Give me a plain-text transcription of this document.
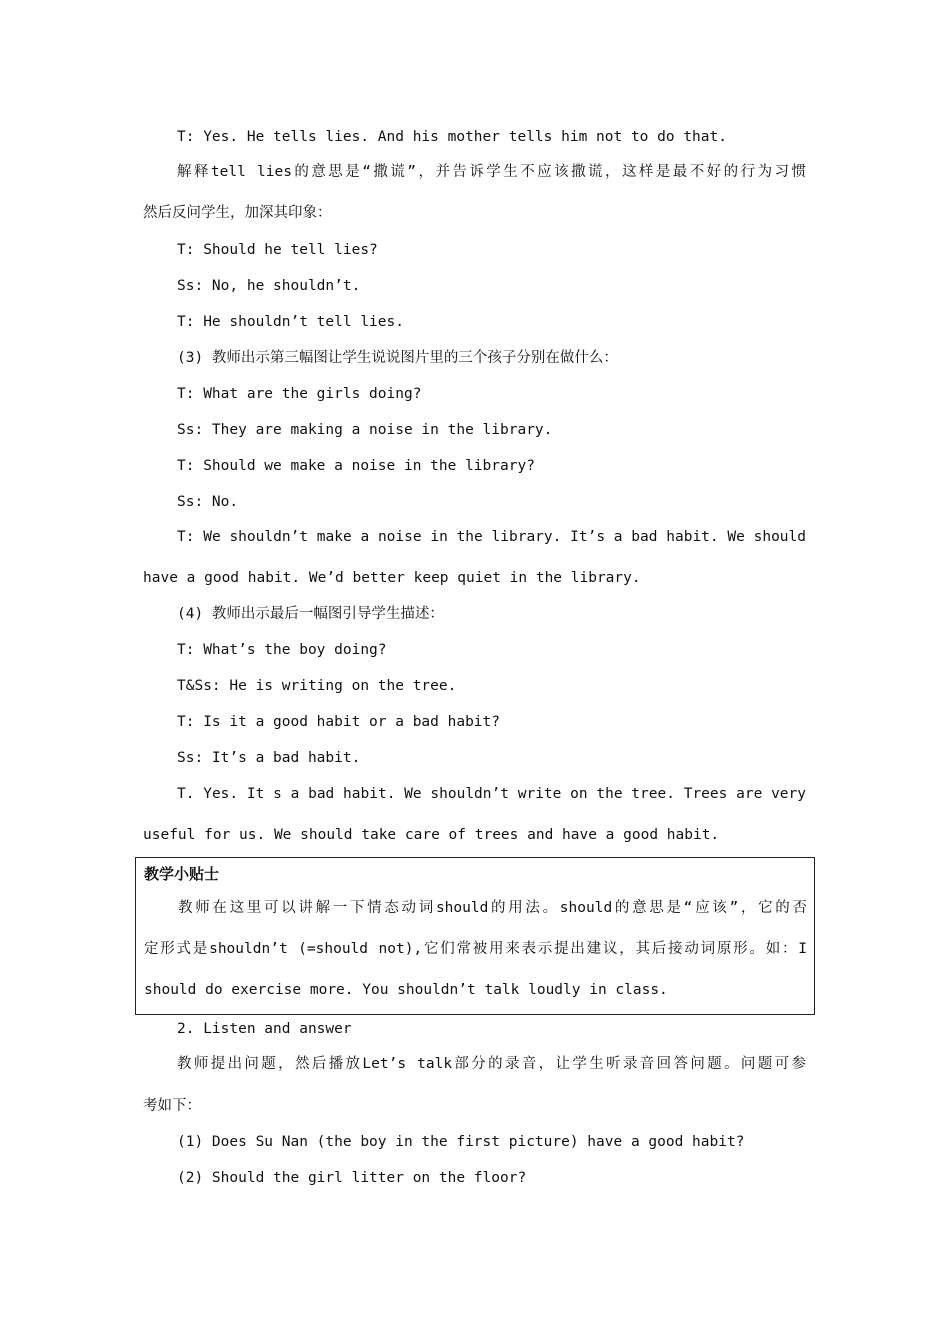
T: Yes. He tells lies. And his mother tells him not to do that.
解释tell lies的意思是“撒谎”，并告诉学生不应该撒谎，这样是最不好的行为习惯
然后反问学生，加深其印象：
T: Should he tell lies?
Ss: No, he shouldn’t.
T: He shouldn’t tell lies.
(3) 教师出示第三幅图让学生说说图片里的三个孩子分别在做什么：
T: What are the girls doing?
Ss: They are making a noise in the library.
T: Should we make a noise in the library?
Ss: No.
T: We shouldn’t make a noise in the library. It’s a bad habit. We should
have a good habit. We’d better keep quiet in the library.
(4) 教师出示最后一幅图引导学生描述：
T: What’s the boy doing?
T&Ss: He is writing on the tree.
T: Is it a good habit or a bad habit?
Ss: It’s a bad habit.
T. Yes. It s a bad habit. We shouldn’t write on the tree. Trees are very
useful for us. We should take care of trees and have a good habit.
教学小贴士
教师在这里可以讲解一下情态动词should的用法。should的意思是“应该”，它的否
定形式是shouldn’t (=should not),它们常被用来表示提出建议，其后接动词原形。如：I
should do exercise more. You shouldn’t talk loudly in class.
2. Listen and answer
教师提出问题，然后播放Let’s talk部分的录音，让学生听录音回答问题。问题可参
考如下：
(1) Does Su Nan (the boy in the first picture) have a good habit?
(2) Should the girl litter on the floor?
